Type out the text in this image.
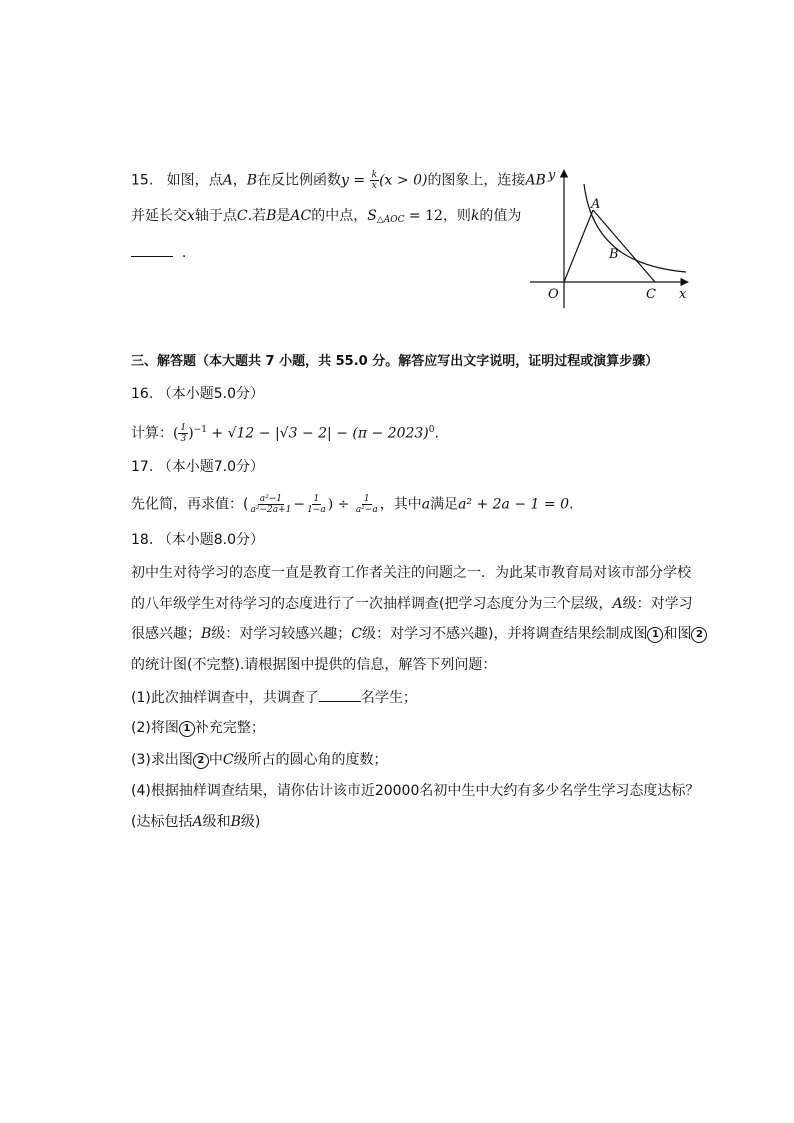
15. 如图，点A，B在反比例函数$y = \frac{k}{x} (x > 0)$的图象上，连接AB
并延长交x轴于点C.若B是AC的中点，$S_{\triangle AOC} = 12$，则k的值为
.
y
x
O
A
B
C
三、解答题（本大题共 7 小题，共 55.0 分。解答应写出文字说明，证明过程或演算步骤）
16. （本小题5.0分）
计算：( $\frac{1}{3} )^{-1} + √12 - |√3 - 2| - (\pi - 2023)^0$.
17. （本小题7.0分）
先化简，再求值：( $\frac{\text{a²−1}}{\text{a²−2a+1}} - \frac{1}{1-a}$ ) ÷ $\frac{1}{\text{a²−a}}$ ，其中a满足a² + 2a − 1 = 0.
18. （本小题8.0分）
初中生对待学习的态度一直是教育工作者关注的问题之一．为此某市教育局对该市部分学校
的八年级学生对待学习的态度进行了一次抽样调查(把学习态度分为三个层级，A级：对学习
很感兴趣；B级：对学习较感兴趣；C级：对学习不感兴趣)，并将调查结果绘制成图 1 和图 2
的统计图(不完整).请根据图中提供的信息，解答下列问题：
(1)此次抽样调查中，共调查了	名学生；
(2)将图 1 补充完整；
(3)求出图 2 中C级所占的圆心角的度数；
(4)根据抽样调查结果，请你估计该市近20000名初中生中大约有多少名学生学习态度达标？
(达标包括A级和B级)
